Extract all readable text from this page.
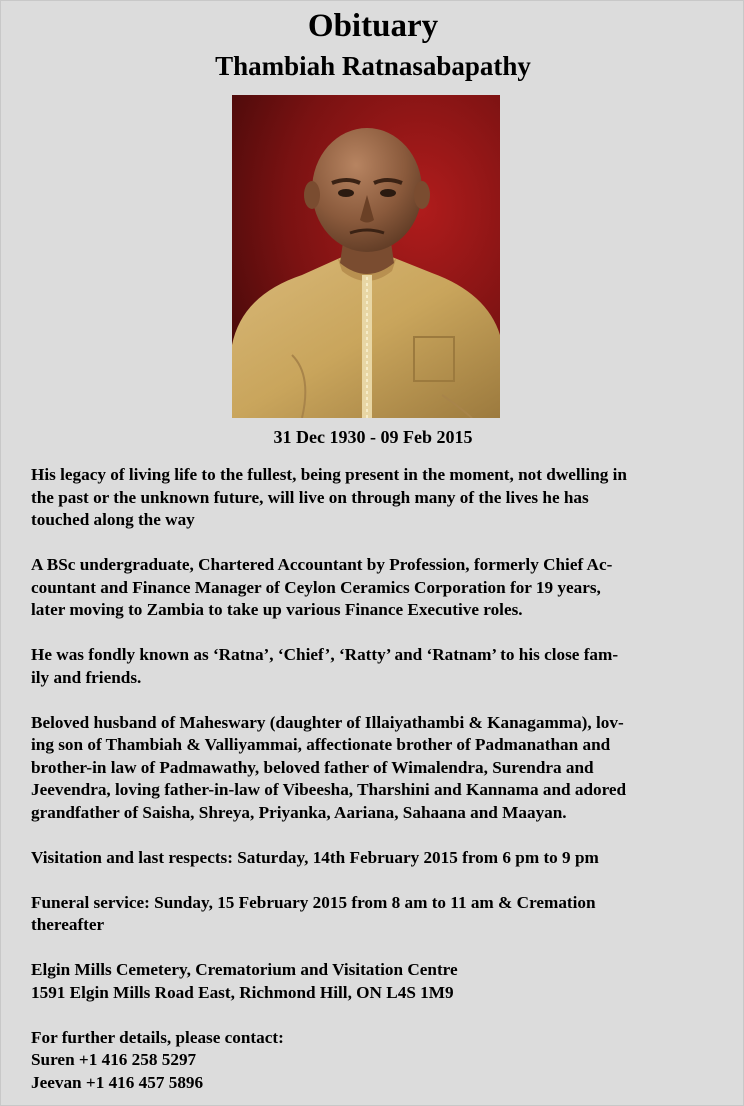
Obituary
Thambiah Ratnasabapathy
31 Dec 1930 - 09 Feb 2015

His legacy of living life to the fullest, being present in the moment, not dwelling in
the past or the unknown future, will live on through many of the lives he has
touched along the way

A BSc undergraduate, Chartered Accountant by Profession, formerly Chief Ac-
countant and Finance Manager of Ceylon Ceramics Corporation for 19 years,
later moving to Zambia to take up various Finance Executive roles.

He was fondly known as ‘Ratna’, ‘Chief’, ‘Ratty’ and ‘Ratnam’ to his close fam-
ily and friends.

Beloved husband of Maheswary (daughter of Illaiyathambi & Kanagamma), lov-
ing son of Thambiah & Valliyammai, affectionate brother of Padmanathan and
brother-in law of Padmawathy, beloved father of Wimalendra, Surendra and
Jeevendra, loving father-in-law of Vibeesha, Tharshini and Kannama and adored
grandfather of Saisha, Shreya, Priyanka, Aariana, Sahaana and Maayan.

Visitation and last respects: Saturday, 14th February 2015 from 6 pm to 9 pm

Funeral service: Sunday, 15 February 2015 from 8 am to 11 am & Cremation
thereafter

Elgin Mills Cemetery, Crematorium and Visitation Centre
1591 Elgin Mills Road East, Richmond Hill, ON L4S 1M9

For further details, please contact:
Suren +1 416 258 5297
Jeevan +1 416 457 5896
